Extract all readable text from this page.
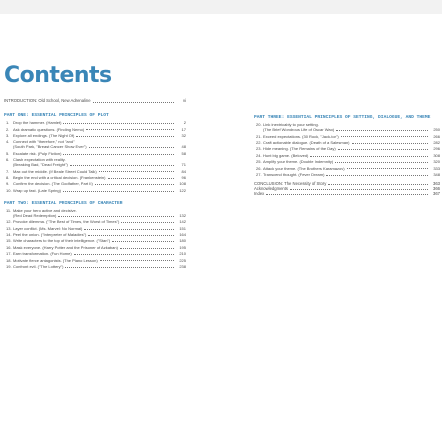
Contents
INTRODUCTION: Old School, New Adrenaline	vi
PART ONE: ESSENTIAL PRINCIPLES OF PLOT
1. Drop the hammer. (Hamlet)	2
2. Ask dramatic questions. (Finding Nemo)	17
3. Explore all endings. (The Night Of)	32
4. Connect with "therefore," not "and"
(South Park, "Breast Cancer Show Ever")	48
5. Escalate risk. (Pulp Fiction)	58
6. Clash expectation with reality.
(Breaking Bad, "Dead Freight")	71
7. Max out the middle. (If Beale Street Could Talk)	84
8. Begin the end with a critical decision. (Frankenstein)	96
9. Confirm the decision. (The Godfather, Part II)	108
10. Wrap up fast. (Late Spring)	122
PART TWO: ESSENTIAL PRINCIPLES OF CHARACTER
11. Make your hero active and decisive.
(Red Dead Redemption)	132
12. Provoke dilemma. ("The Best of Times, the Worst of Times")	142
13. Layer conflict. (Ms. Marvel: No Normal)	151
14. Peel the onion. ("Interpreter of Maladies")	164
15. Write characters to the top of their intelligence. ("Stan")	180
16. Mask everyone. (Harry Potter and the Prisoner of Azkaban)	195
17. Earn transformation. (Fun Home)	210
18. Motivate fierce antagonists. (The Piano Lesson)	225
19. Confront evil. ("The Lottery")	238
PART THREE: ESSENTIAL PRINCIPLES OF SETTING, DIALOGUE, AND THEME
20. Link inextricably to your setting.
(The Brief Wondrous Life of Oscar Wao)	250
21. Exceed expectations. (30 Rock, "Jack-tor")	266
22. Craft actionable dialogue. (Death of a Salesman)	282
23. Hide meaning. (The Remains of the Day)	296
24. Hunt big game. (Beloved)	308
25. Amplify your theme. (Double Indemnity)	320
26. Attack your theme. (The Brothers Karamazov)	333
27. Transcend thought. (Fever Dream)	348
CONCLUSION: The Necessity of Story	363
Acknowledgments	366
Index	367
